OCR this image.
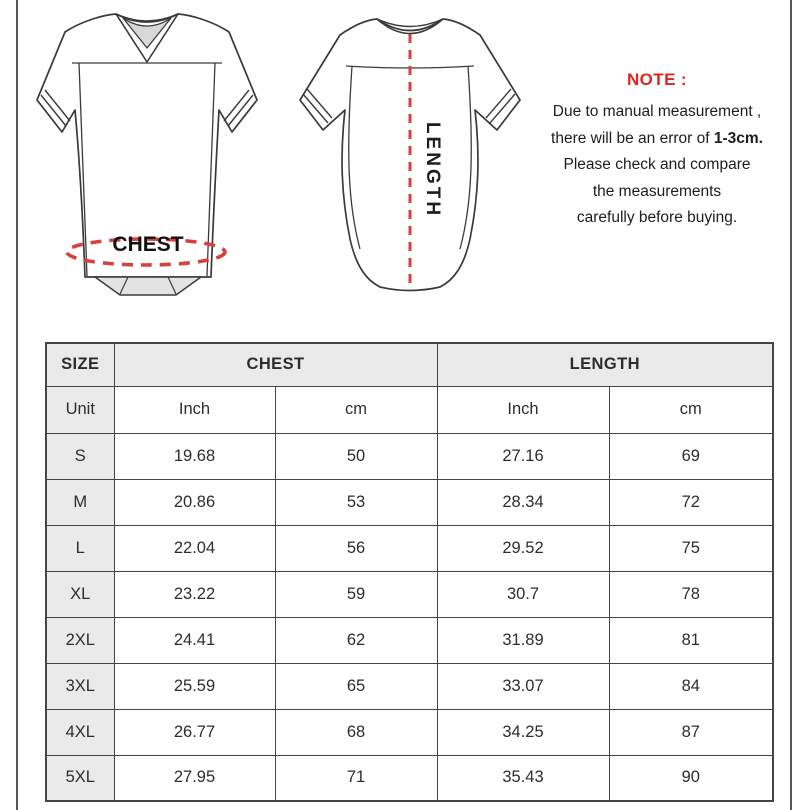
CHEST
LENGTH
NOTE :
Due to manual measurement ,
there will be an error of 1-3cm.
Please check and compare
the measurements
carefully before buying.
SIZE	CHEST		LENGTH	
Unit	Inch	cm	Inch	cm
S	19.68	50	27.16	69
M	20.86	53	28.34	72
L	22.04	56	29.52	75
XL	23.22	59	30.7	78
2XL	24.41	62	31.89	81
3XL	25.59	65	33.07	84
4XL	26.77	68	34.25	87
5XL	27.95	71	35.43	90
